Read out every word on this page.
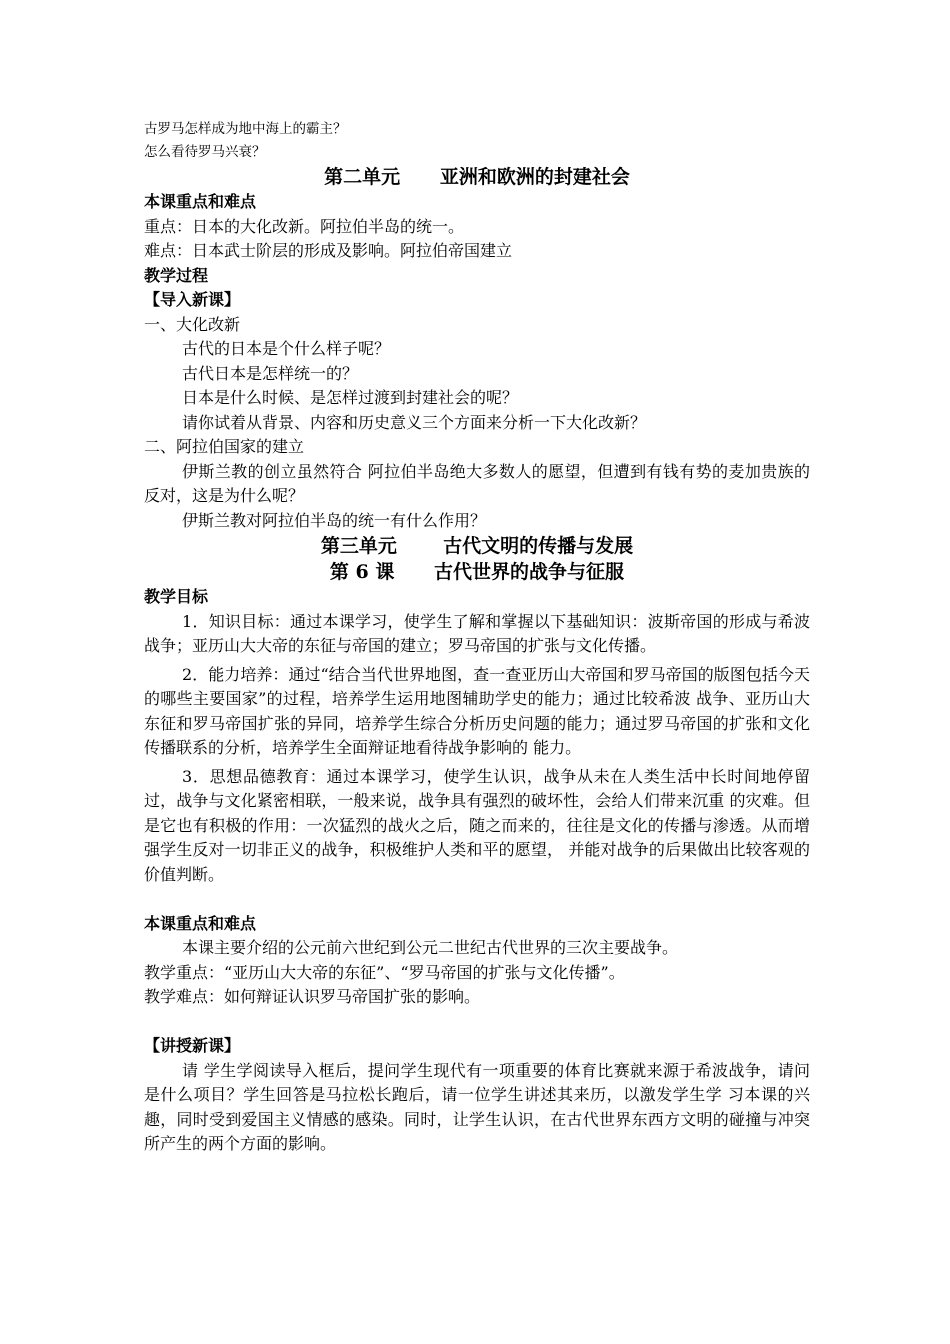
古罗马怎样成为地中海上的霸主？
怎么看待罗马兴衰？
第二单元      亚洲和欧洲的封建社会
本课重点和难点
重点：日本的大化改新。阿拉伯半岛的统一。
难点：日本武士阶层的形成及影响。阿拉伯帝国建立
教学过程
【导入新课】
一、大化改新
古代的日本是个什么样子呢？
古代日本是怎样统一的？
日本是什么时候、是怎样过渡到封建社会的呢？
请你试着从背景、内容和历史意义三个方面来分析一下大化改新？
二、阿拉伯国家的建立
伊斯兰教的创立虽然符合 阿拉伯半岛绝大多数人的愿望，但遭到有钱有势的麦加贵族的反对，这是为什么呢？
伊斯兰教对阿拉伯半岛的统一有什么作用？
第三单元       古代文明的传播与发展
第 6 课      古代世界的战争与征服
教学目标
1．知识目标：通过本课学习，使学生了解和掌握以下基础知识：波斯帝国的形成与希波战争；亚历山大大帝的东征与帝国的建立；罗马帝国的扩张与文化传播。
2．能力培养：通过“结合当代世界地图，查一查亚历山大帝国和罗马帝国的版图包括今天的哪些主要国家”的过程，培养学生运用地图辅助学史的能力；通过比较希波 战争、亚历山大东征和罗马帝国扩张的异同，培养学生综合分析历史问题的能力；通过罗马帝国的扩张和文化传播联系的分析，培养学生全面辩证地看待战争影响的 能力。
3．思想品德教育：通过本课学习，使学生认识，战争从未在人类生活中长时间地停留过，战争与文化紧密相联，一般来说，战争具有强烈的破坏性，会给人们带来沉重 的灾难。但是它也有积极的作用：一次猛烈的战火之后，随之而来的，往往是文化的传播与渗透。从而增强学生反对一切非正义的战争，积极维护人类和平的愿望， 并能对战争的后果做出比较客观的价值判断。
本课重点和难点
本课主要介绍的公元前六世纪到公元二世纪古代世界的三次主要战争。
教学重点：“亚历山大大帝的东征”、“罗马帝国的扩张与文化传播”。
教学难点：如何辩证认识罗马帝国扩张的影响。
【讲授新课】
请 学生学阅读导入框后，提问学生现代有一项重要的体育比赛就来源于希波战争，请问是什么项目？学生回答是马拉松长跑后，请一位学生讲述其来历，以激发学生学 习本课的兴趣，同时受到爱国主义情感的感染。同时，让学生认识，在古代世界东西方文明的碰撞与冲突所产生的两个方面的影响。
